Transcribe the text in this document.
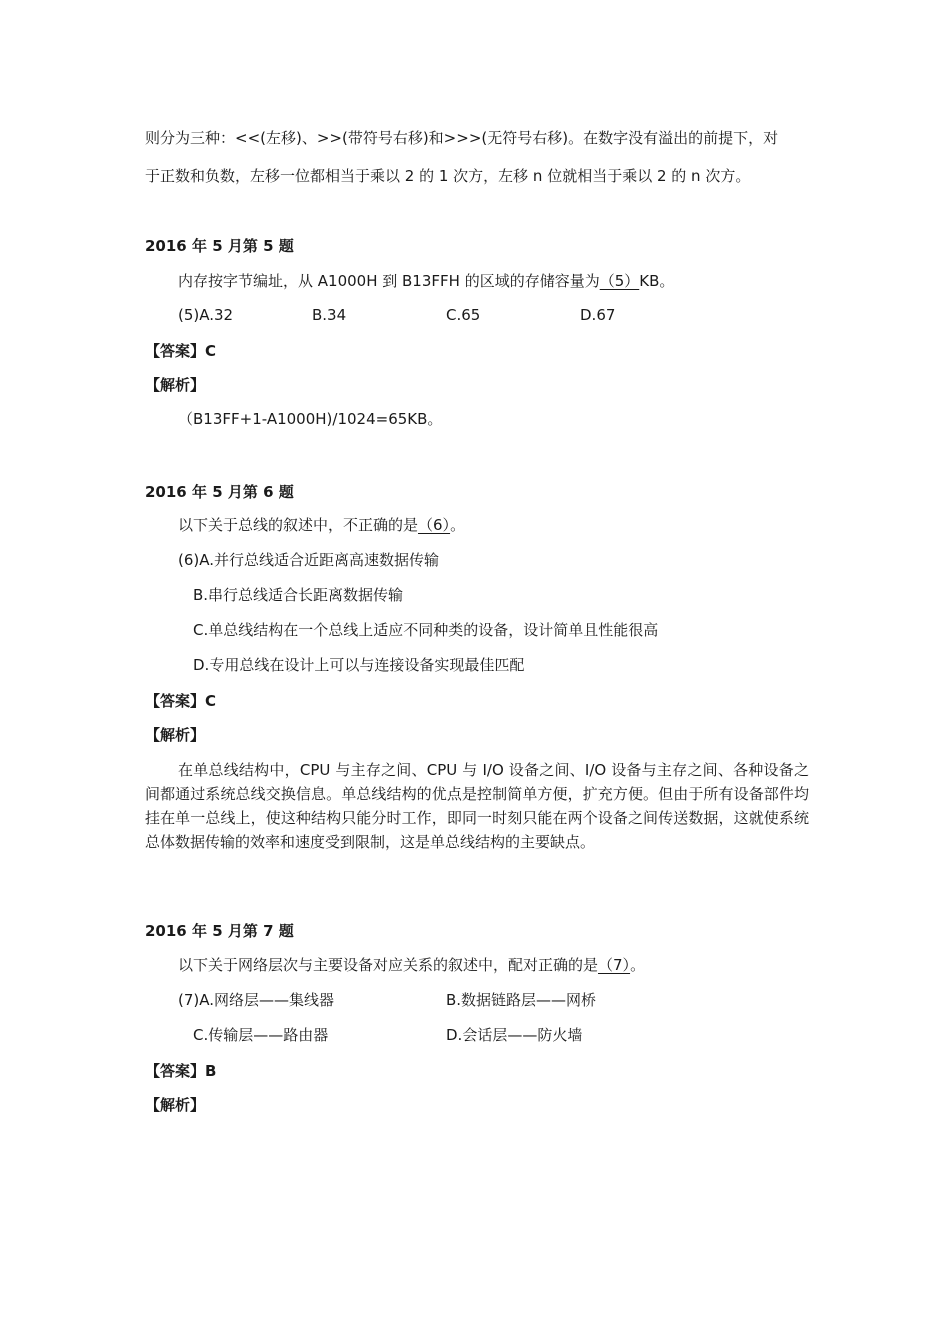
则分为三种：<<(左移)、>>(带符号右移)和>>>(无符号右移)。在数字没有溢出的前提下，对
于正数和负数，左移一位都相当于乘以 2 的 1 次方，左移 n 位就相当于乘以 2 的 n 次方。
2016 年 5 月第 5 题
内存按字节编址，从 A1000H 到 B13FFH 的区域的存储容量为（5）KB。
(5)A.32	B.34	C.65	D.67
【答案】C
【解析】
（B13FF+1-A1000H)/1024=65KB。
2016 年 5 月第 6 题
以下关于总线的叙述中，不正确的是（6）。
(6)A.并行总线适合近距离高速数据传输
B.串行总线适合长距离数据传输
C.单总线结构在一个总线上适应不同种类的设备，设计简单且性能很高
D.专用总线在设计上可以与连接设备实现最佳匹配
【答案】C
【解析】
在单总线结构中，CPU 与主存之间、CPU 与 I/O 设备之间、I/O 设备与主存之间、各种设备之间都通过系统总线交换信息。单总线结构的优点是控制简单方便，扩充方便。但由于所有设备部件均挂在单一总线上，使这种结构只能分时工作，即同一时刻只能在两个设备之间传送数据，这就使系统总体数据传输的效率和速度受到限制，这是单总线结构的主要缺点。
2016 年 5 月第 7 题
以下关于网络层次与主要设备对应关系的叙述中，配对正确的是（7）。
(7)A.网络层——集线器	B.数据链路层——网桥
C.传输层——路由器	D.会话层——防火墙
【答案】B
【解析】
